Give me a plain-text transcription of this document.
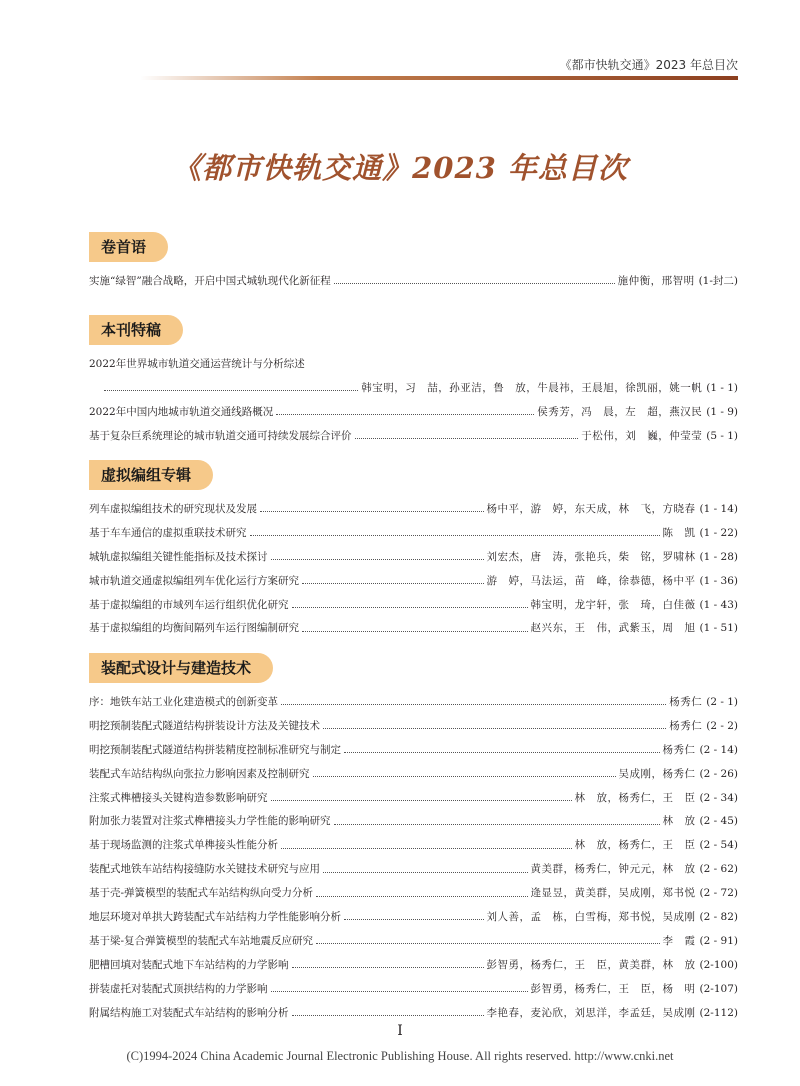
《都市快轨交通》2023 年总目次
《都市快轨交通》2023 年总目次
卷首语
实施“绿智”融合战略，开启中国式城轨现代化新征程	施仲衡，邢智明 (1-封二)
本刊特稿
2022年世界城市轨道交通运营统计与分析综述
韩宝明，习　喆，孙亚洁，鲁　放，牛晨祎，王晨旭，徐凯丽，姚一帆 (1 - 1)
2022年中国内地城市轨道交通线路概况	侯秀芳，冯　晨，左　超，燕汉民 (1 - 9)
基于复杂巨系统理论的城市轨道交通可持续发展综合评价	于松伟，刘　巍，仲莹莹 (5 - 1)
虚拟编组专辑
列车虚拟编组技术的研究现状及发展	杨中平，游　婷，东天成，林　飞，方晓春 (1 - 14)
基于车车通信的虚拟重联技术研究	陈　凯 (1 - 22)
城轨虚拟编组关键性能指标及技术探讨	刘宏杰，唐　涛，张艳兵，柴　铭，罗啸林 (1 - 28)
城市轨道交通虚拟编组列车优化运行方案研究	游　婷，马法运，苗　峰，徐恭德，杨中平 (1 - 36)
基于虚拟编组的市域列车运行组织优化研究	韩宝明，龙宇轩，张　琦，白佳薇 (1 - 43)
基于虚拟编组的均衡间隔列车运行图编制研究	赵兴东，王　伟，武紫玉，周　旭 (1 - 51)
装配式设计与建造技术
序：地铁车站工业化建造模式的创新变革	杨秀仁 (2 - 1)
明挖预制装配式隧道结构拼装设计方法及关键技术	杨秀仁 (2 - 2)
明挖预制装配式隧道结构拼装精度控制标准研究与制定	杨秀仁 (2 - 14)
装配式车站结构纵向张拉力影响因素及控制研究	吴成刚，杨秀仁 (2 - 26)
注浆式榫槽接头关键构造参数影响研究	林　放，杨秀仁，王　臣 (2 - 34)
附加张力装置对注浆式榫槽接头力学性能的影响研究	林　放 (2 - 45)
基于现场监测的注浆式单榫接头性能分析	林　放，杨秀仁，王　臣 (2 - 54)
装配式地铁车站结构接缝防水关键技术研究与应用	黄美群，杨秀仁，钟元元，林　放 (2 - 62)
基于壳-弹簧模型的装配式车站结构纵向受力分析	逄显昱，黄美群，吴成刚，郑书悦 (2 - 72)
地层环境对单拱大跨装配式车站结构力学性能影响分析	刘人善，孟　栋，白雪梅，郑书悦，吴成刚 (2 - 82)
基于梁-复合弹簧模型的装配式车站地震反应研究	李　霞 (2 - 91)
肥槽回填对装配式地下车站结构的力学影响	彭智勇，杨秀仁，王　臣，黄美群，林　放 (2-100)
拼装虚托对装配式顶拱结构的力学影响	彭智勇，杨秀仁，王　臣，杨　明 (2-107)
附属结构施工对装配式车站结构的影响分析	李艳春，麦沁欣，刘思洋，李孟廷，吴成刚 (2-112)
I
(C)1994-2024 China Academic Journal Electronic Publishing House. All rights reserved. http://www.cnki.net
